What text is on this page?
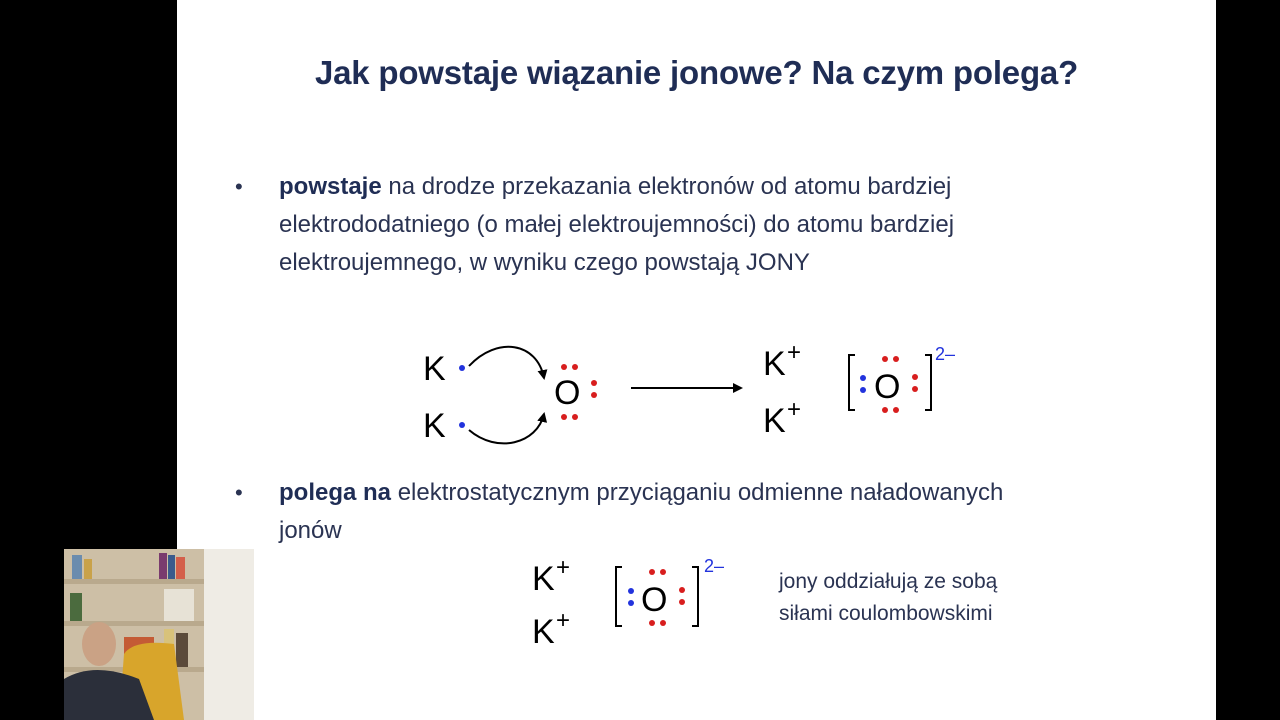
Jak powstaje wiązanie jonowe? Na czym polega?
• powstaje na drodze przekazania elektronów od atomu bardziej
elektrododatniego (o małej elektroujemności) do atomu bardziej
elektroujemnego, w wyniku czego powstają JONY
K
K
O
K +
K +
O
2–
• polega na elektrostatycznym przyciąganiu odmienne naładowanych
jonów
K +
K +
O
2–
jony oddziałują ze sobą
siłami coulombowskimi
